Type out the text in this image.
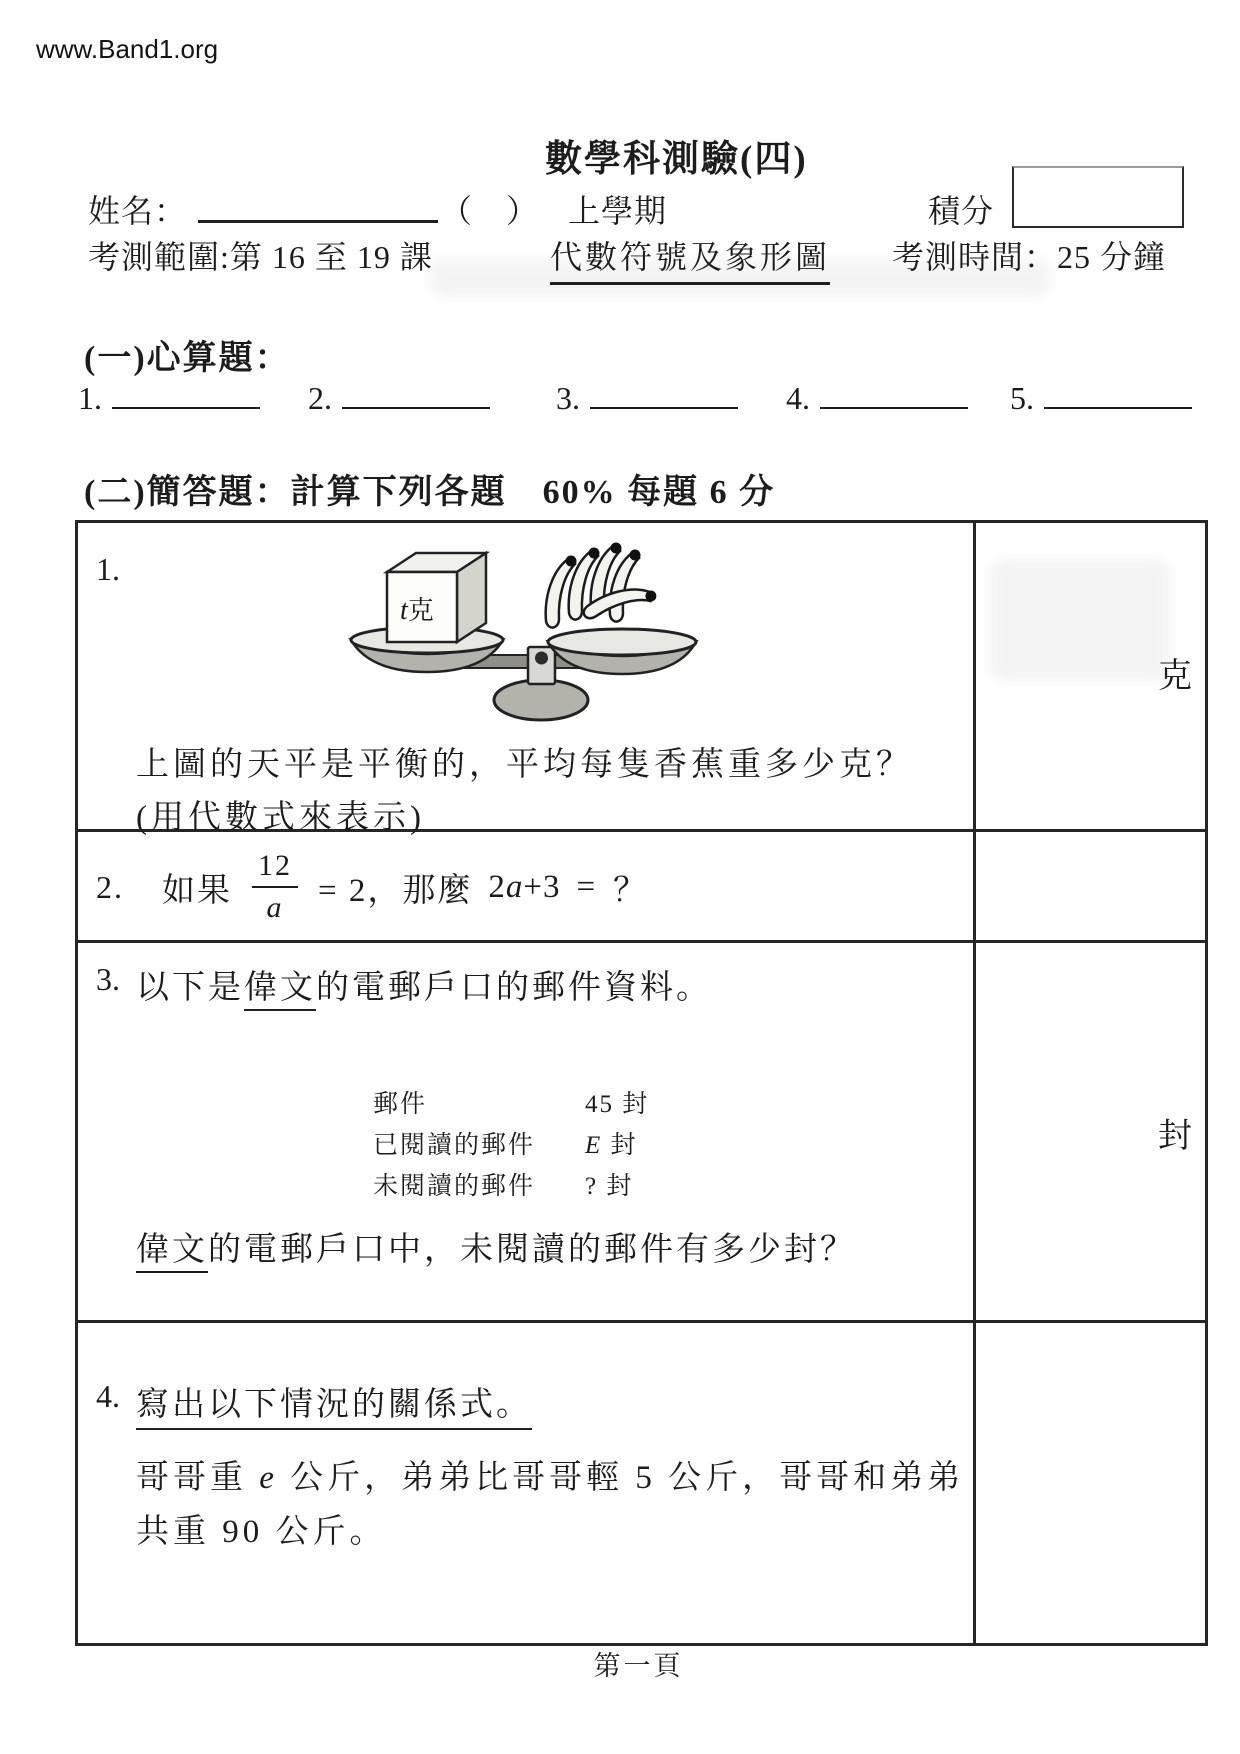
www.Band1.org
數學科測驗(四)
姓名：	（　） 上學期	積分
考測範圍:第 16 至 19 課	代數符號及象形圖 考測時間：25 分鐘
(一)心算題：
1.	2.	3.	4.	5.
(二)簡答題：計算下列各題　60% 每題 6 分
1.
t克
上圖的天平是平衡的，平均每隻香蕉重多少克？
(用代數式來表示)
克
2. 如果 $\frac{12}{a} = 2$，那麼 2a+3 = ？
3. 以下是偉文的電郵戶口的郵件資料。
郵件	45 封
已閱讀的郵件	E 封
未閱讀的郵件	? 封
偉文的電郵戶口中，未閱讀的郵件有多少封？
封
4. 寫出以下情況的關係式。
哥哥重 e 公斤，弟弟比哥哥輕 5 公斤，哥哥和弟弟
共重 90 公斤。
第一頁
